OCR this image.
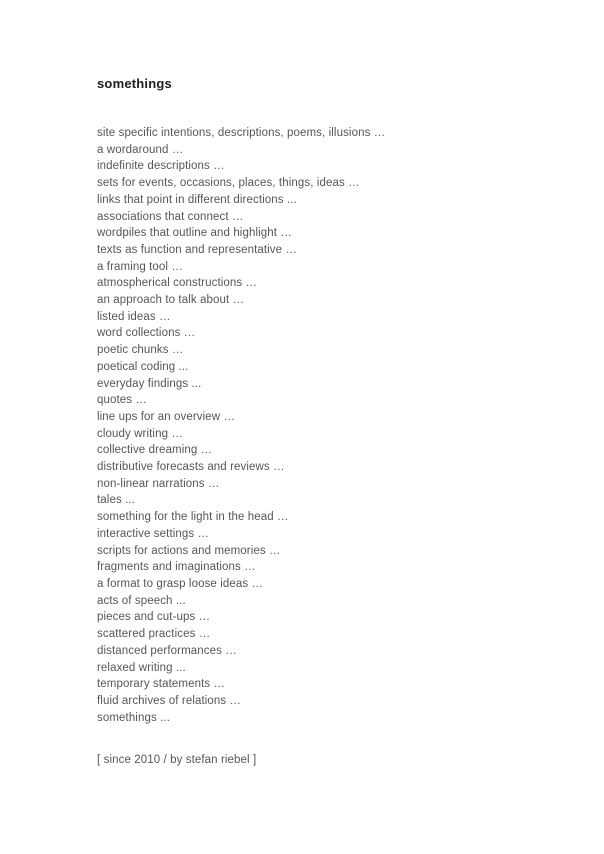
somethings
site specific intentions, descriptions, poems, illusions …
a wordaround …
indefinite descriptions …
sets for events, occasions, places, things, ideas …
links that point in different directions ...
associations that connect …
wordpiles that outline and highlight …
texts as function and representative …
a framing tool …
atmospherical constructions …
an approach to talk about …
listed ideas …
word collections …
poetic chunks …
poetical coding ...
everyday findings ...
quotes …
line ups for an overview …
cloudy writing …
collective dreaming …
distributive forecasts and reviews …
non-linear narrations …
tales ...
something for the light in the head …
interactive settings …
scripts for actions and memories …
fragments and imaginations …
a format to grasp loose ideas …
acts of speech ...
pieces and cut-ups …
scattered practices …
distanced performances …
relaxed writing ...
temporary statements …
fluid archives of relations …
somethings ...
[ since 2010 / by stefan riebel ]
